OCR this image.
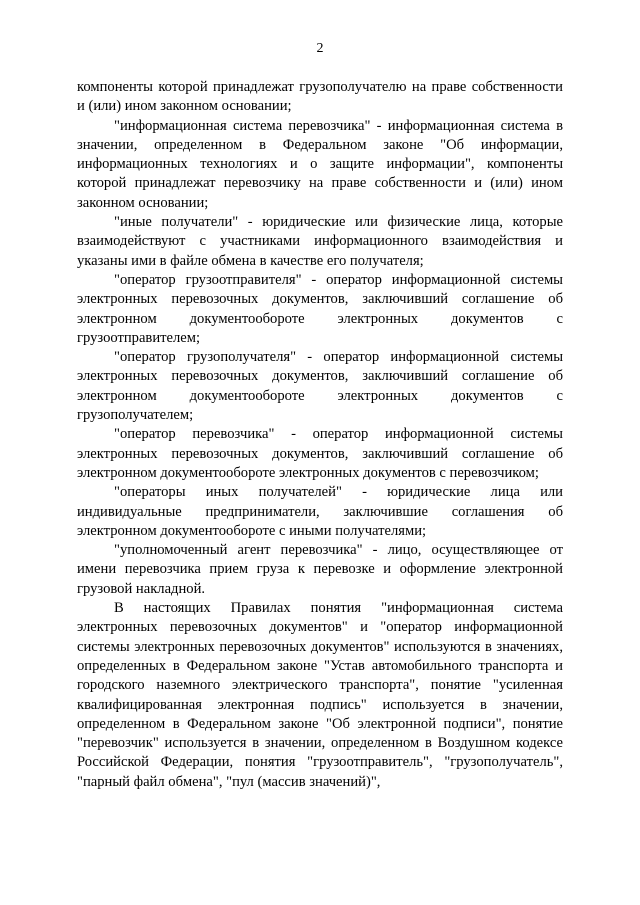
2

компоненты которой принадлежат грузополучателю на праве собственности и (или) ином законном основании;

"информационная система перевозчика" - информационная система в значении, определенном в Федеральном законе "Об информации, информационных технологиях и о защите информации", компоненты которой принадлежат перевозчику на праве собственности и (или) ином законном основании;

"иные получатели" - юридические или физические лица, которые взаимодействуют с участниками информационного взаимодействия и указаны ими в файле обмена в качестве его получателя;

"оператор грузоотправителя" - оператор информационной системы электронных перевозочных документов, заключивший соглашение об электронном документообороте электронных документов с грузоотправителем;

"оператор грузополучателя" - оператор информационной системы электронных перевозочных документов, заключивший соглашение об электронном документообороте электронных документов с грузополучателем;

"оператор перевозчика" - оператор информационной системы электронных перевозочных документов, заключивший соглашение об электронном документообороте электронных документов с перевозчиком;

"операторы иных получателей" - юридические лица или индивидуальные предприниматели, заключившие соглашения об электронном документообороте с иными получателями;

"уполномоченный агент перевозчика" - лицо, осуществляющее от имени перевозчика прием груза к перевозке и оформление электронной грузовой накладной.

В настоящих Правилах понятия "информационная система электронных перевозочных документов" и "оператор информационной системы электронных перевозочных документов" используются в значениях, определенных в Федеральном законе "Устав автомобильного транспорта и городского наземного электрического транспорта", понятие "усиленная квалифицированная электронная подпись" используется в значении, определенном в Федеральном законе "Об электронной подписи", понятие "перевозчик" используется в значении, определенном в Воздушном кодексе Российской Федерации, понятия "грузоотправитель", "грузополучатель", "парный файл обмена", "пул (массив значений)",
